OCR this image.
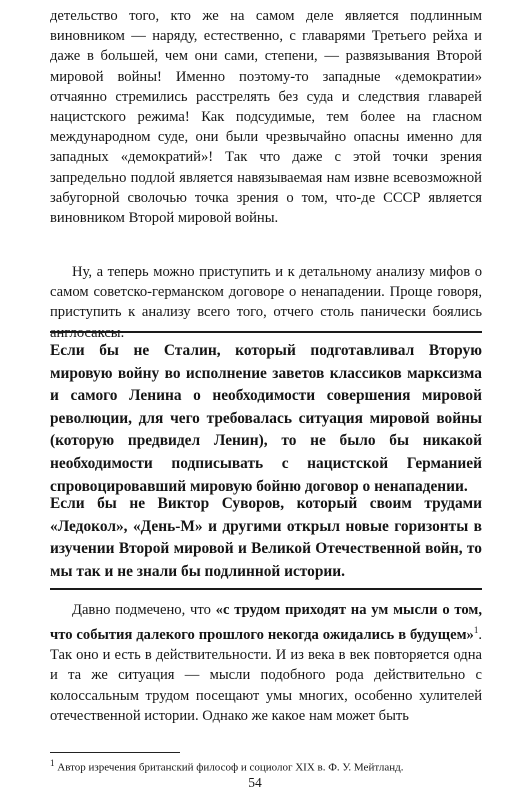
детельство того, кто же на самом деле является подлинным виновником — наряду, естественно, с главарями Третьего рейха и даже в большей, чем они сами, степени, — развязывания Второй мировой войны! Именно поэтому-то западные «демократии» отчаянно стремились расстрелять без суда и следствия главарей нацистского режима! Как подсудимые, тем более на гласном международном суде, они были чрезвычайно опасны именно для западных «демократий»! Так что даже с этой точки зрения запредельно подлой является навязываемая нам извне всевозможной забугорной сволочью точка зрения о том, что-де СССР является виновником Второй мировой войны.

Ну, а теперь можно приступить и к детальному анализу мифов о самом советско-германском договоре о ненападении. Проще говоря, приступить к анализу всего того, отчего столь панически боялись англосаксы.

Если бы не Сталин, который подготавливал Вторую мировую войну во исполнение заветов классиков марксизма и самого Ленина о необходимости совершения мировой революции, для чего требовалась ситуация мировой войны (которую предвидел Ленин), то не было бы никакой необходимости подписывать с нацистской Германией спровоцировавший мировую бойню договор о ненападении.

Если бы не Виктор Суворов, который своим трудами «Ледокол», «День-М» и другими открыл новые горизонты в изучении Второй мировой и Великой Отечественной войн, то мы так и не знали бы подлинной истории.

Давно подмечено, что «с трудом приходят на ум мысли о том, что события далекого прошлого некогда ожидались в будущем»$^1$. Так оно и есть в действительности. И из века в век повторяется одна и та же ситуация — мысли подобного рода действительно с колоссальным трудом посещают умы многих, особенно хулителей отечественной истории. Однако же какое нам может быть

$^1$ Автор изречения британский философ и социолог XIX в. Ф. У. Мейтланд.

54
